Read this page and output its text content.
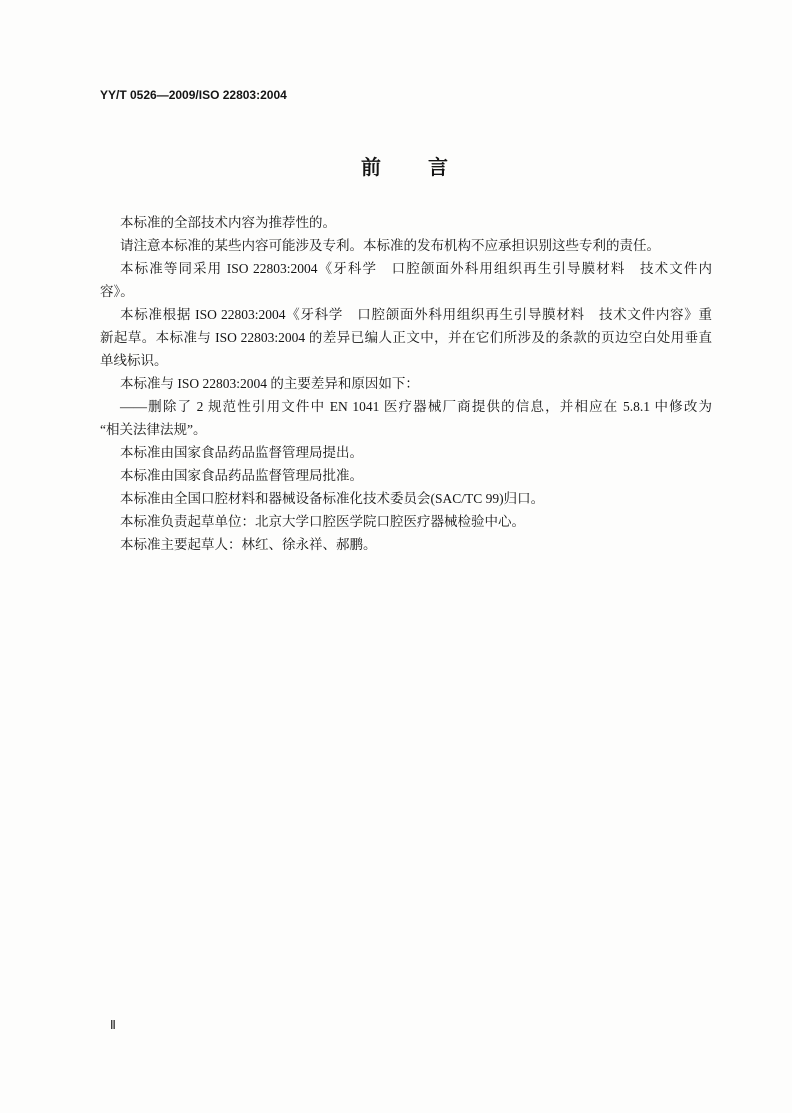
YY/T 0526—2009/ISO 22803:2004
前　言
本标准的全部技术内容为推荐性的。
请注意本标准的某些内容可能涉及专利。本标准的发布机构不应承担识别这些专利的责任。
本标准等同采用 ISO 22803:2004《牙科学　口腔颌面外科用组织再生引导膜材料　技术文件内
容》。
本标准根据 ISO 22803:2004《牙科学　口腔颌面外科用组织再生引导膜材料　技术文件内容》重
新起草。本标准与 ISO 22803:2004 的差异已编人正文中，并在它们所涉及的条款的页边空白处用垂直
单线标识。
本标准与 ISO 22803:2004 的主要差异和原因如下：
——删除了 2 规范性引用文件中 EN 1041 医疗器械厂商提供的信息，并相应在 5.8.1 中修改为
“相关法律法规”。
本标准由国家食品药品监督管理局提出。
本标准由国家食品药品监督管理局批准。
本标准由全国口腔材料和器械设备标准化技术委员会(SAC/TC 99)归口。
本标准负责起草单位：北京大学口腔医学院口腔医疗器械检验中心。
本标准主要起草人：林红、徐永祥、郝鹏。
Ⅱ
